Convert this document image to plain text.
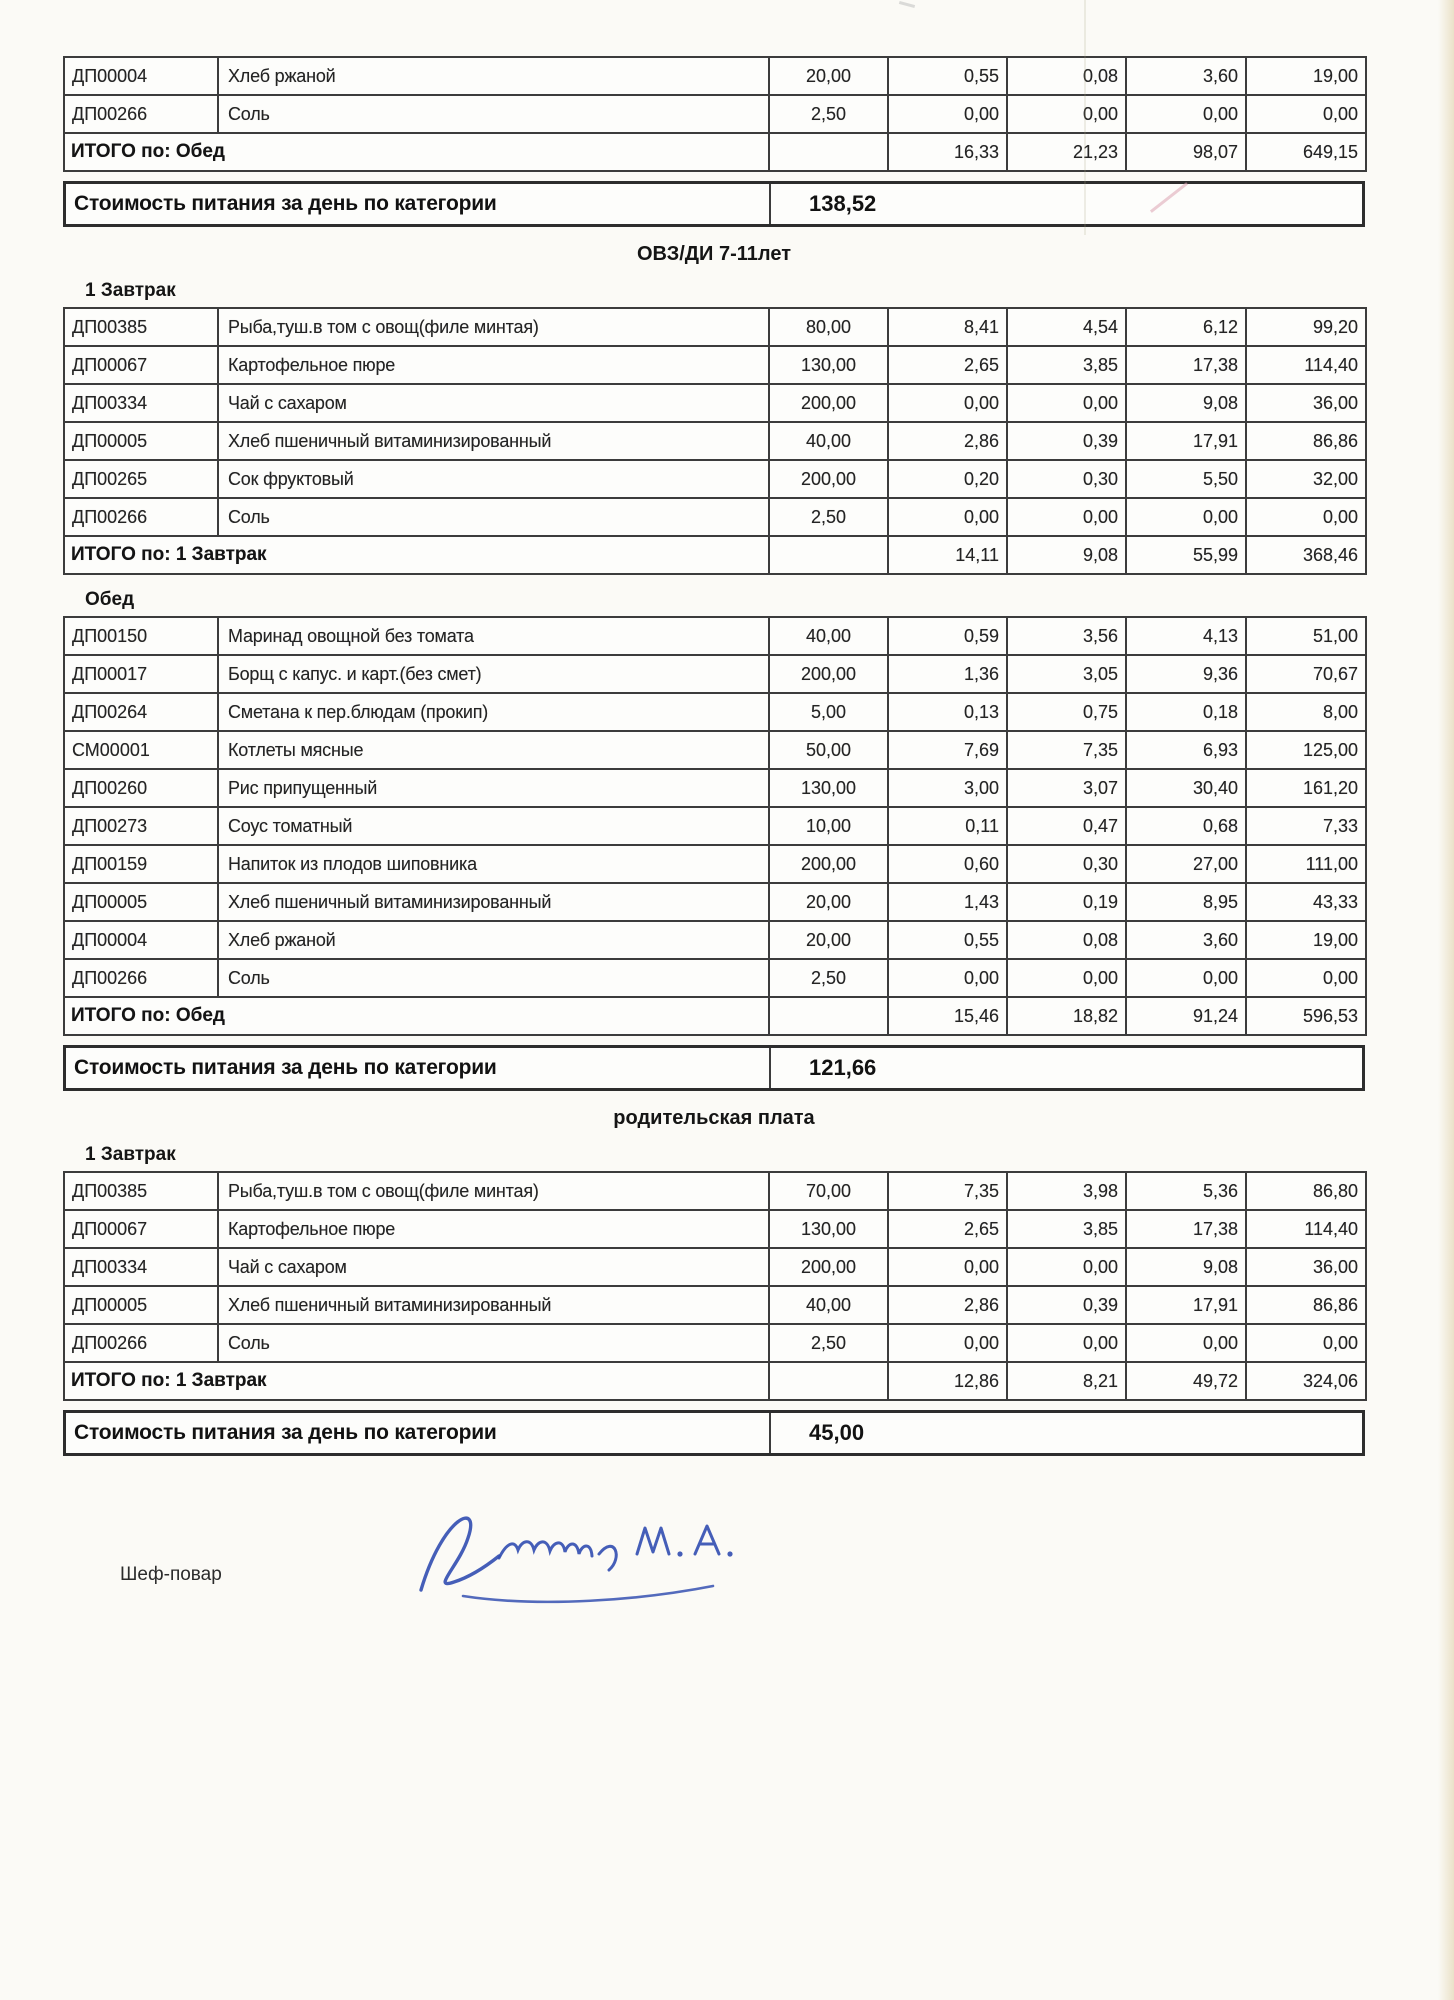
ДП00004	Хлеб ржаной	20,00	0,55	0,08	3,60	19,00
ДП00266	Соль	2,50	0,00	0,00	0,00	0,00
ИТОГО по: Обед			16,33	21,23	98,07	649,15
Стоимость питания за день по категории	138,52
ОВЗ/ДИ 7-11лет
1 Завтрак
ДП00385	Рыба,туш.в том с овощ(филе минтая)	80,00	8,41	4,54	6,12	99,20
ДП00067	Картофельное пюре	130,00	2,65	3,85	17,38	114,40
ДП00334	Чай с сахаром	200,00	0,00	0,00	9,08	36,00
ДП00005	Хлеб пшеничный витаминизированный	40,00	2,86	0,39	17,91	86,86
ДП00265	Сок фруктовый	200,00	0,20	0,30	5,50	32,00
ДП00266	Соль	2,50	0,00	0,00	0,00	0,00
ИТОГО по: 1 Завтрак			14,11	9,08	55,99	368,46
Обед
ДП00150	Маринад овощной без томата	40,00	0,59	3,56	4,13	51,00
ДП00017	Борщ с капус. и карт.(без смет)	200,00	1,36	3,05	9,36	70,67
ДП00264	Сметана к пер.блюдам (прокип)	5,00	0,13	0,75	0,18	8,00
СМ00001	Котлеты мясные	50,00	7,69	7,35	6,93	125,00
ДП00260	Рис припущенный	130,00	3,00	3,07	30,40	161,20
ДП00273	Соус томатный	10,00	0,11	0,47	0,68	7,33
ДП00159	Напиток из плодов шиповника	200,00	0,60	0,30	27,00	111,00
ДП00005	Хлеб пшеничный витаминизированный	20,00	1,43	0,19	8,95	43,33
ДП00004	Хлеб ржаной	20,00	0,55	0,08	3,60	19,00
ДП00266	Соль	2,50	0,00	0,00	0,00	0,00
ИТОГО по: Обед			15,46	18,82	91,24	596,53
Стоимость питания за день по категории	121,66
родительская плата
1 Завтрак
ДП00385	Рыба,туш.в том с овощ(филе минтая)	70,00	7,35	3,98	5,36	86,80
ДП00067	Картофельное пюре	130,00	2,65	3,85	17,38	114,40
ДП00334	Чай с сахаром	200,00	0,00	0,00	9,08	36,00
ДП00005	Хлеб пшеничный витаминизированный	40,00	2,86	0,39	17,91	86,86
ДП00266	Соль	2,50	0,00	0,00	0,00	0,00
ИТОГО по: 1 Завтрак			12,86	8,21	49,72	324,06
Стоимость питания за день по категории	45,00
Шеф-повар
